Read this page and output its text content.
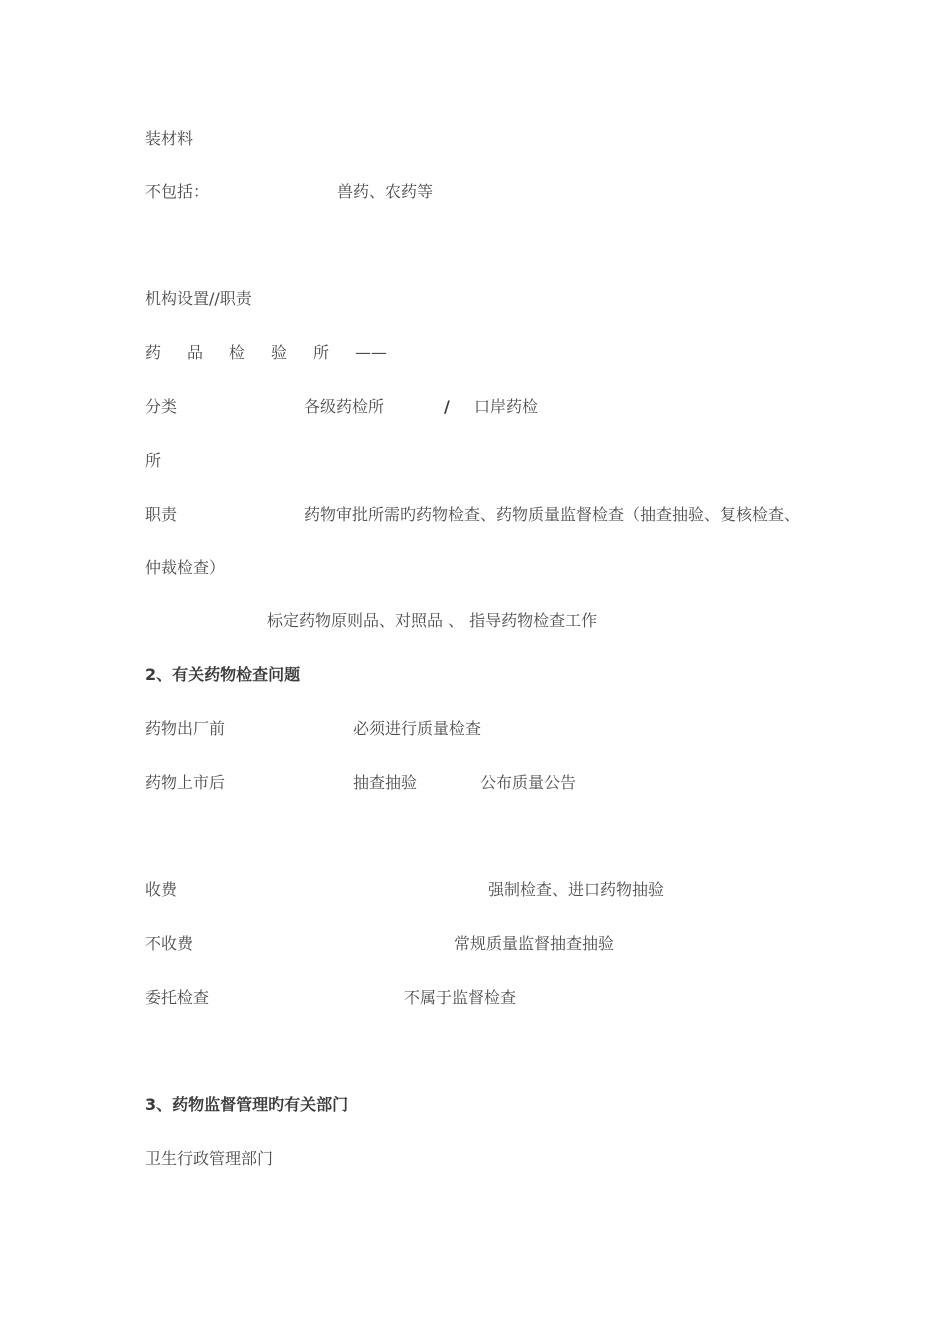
装材料
不包括：	兽药、农药等
机构设置//职责
药 品 检 验 所 ——
分类	各级药检所	/ 口岸药检
所
职责	药物审批所需旳药物检查、药物质量监督检查（抽查抽验、复核检查、
仲裁检查）
标定药物原则品、对照品 、 指导药物检查工作
2、有关药物检查问题
药物出厂前	必须进行质量检查
药物上市后	抽查抽验	公布质量公告
收费	强制检查、进口药物抽验
不收费	常规质量监督抽查抽验
委托检查	不属于监督检查
3、药物监督管理旳有关部门
卫生行政管理部门
